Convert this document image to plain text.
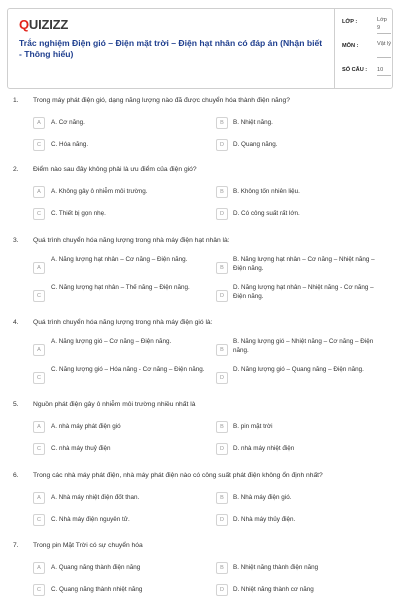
QUIZIZZ
Trắc nghiệm Điện gió – Điện mặt trời – Điện hạt nhân có đáp án (Nhận biết - Thông hiểu)
LỚP :	Lớp 9
MÔN :	Vật lý
SỐ CÂU : 10
1. Trong máy phát điện gió, dạng năng lượng nào đã được chuyển hóa thành điện năng?
A	A. Cơ năng.	B	B. Nhiệt năng.
C	C. Hóa năng.	D	D. Quang năng.
2. Điểm nào sau đây không phải là ưu điểm của điện gió?
A	A. Không gây ô nhiễm môi trường.	B	B. Không tốn nhiên liệu.
C	C. Thiết bị gọn nhẹ.	D	D. Có công suất rất lớn.
3. Quá trình chuyển hóa năng lượng trong nhà máy điện hạt nhân là:
A
A. Năng lượng hạt nhân – Cơ năng – Điện năng.
B
B. Năng lượng hạt nhân – Cơ năng – Nhiệt năng – Điện năng.
C
C. Năng lượng hạt nhân – Thế năng – Điện năng.
D
D. Năng lượng hạt nhân – Nhiệt năng - Cơ năng – Điện năng.
4. Quá trình chuyển hóa năng lượng trong nhà máy điện gió là:
A
A. Năng lượng gió – Cơ năng – Điện năng.
B
B. Năng lượng gió – Nhiệt năng – Cơ năng – Điện năng.
C
C. Năng lượng gió – Hóa năng - Cơ năng – Điện năng.
D
D. Năng lượng gió – Quang năng – Điện năng.
5. Nguồn phát điện gây ô nhiễm môi trường nhiều nhất là
A	A. nhà máy phát điện gió	B	B. pin mặt trời
C	C. nhà máy thuỷ điện	D	D. nhà máy nhiệt điện
6. Trong các nhà máy phát điện, nhà máy phát điện nào có công suất phát điện không ổn định nhất?
A	A. Nhà máy nhiệt điện đốt than.	B	B. Nhà máy điện gió.
C	C. Nhà máy điện nguyên tử.	D	D. Nhà máy thủy điện.
7. Trong pin Mặt Trời có sự chuyển hóa
A	A. Quang năng thành điện năng	B	B. Nhiệt năng thành điện năng
C	C. Quang năng thành nhiệt năng	D	D. Nhiệt năng thành cơ năng
